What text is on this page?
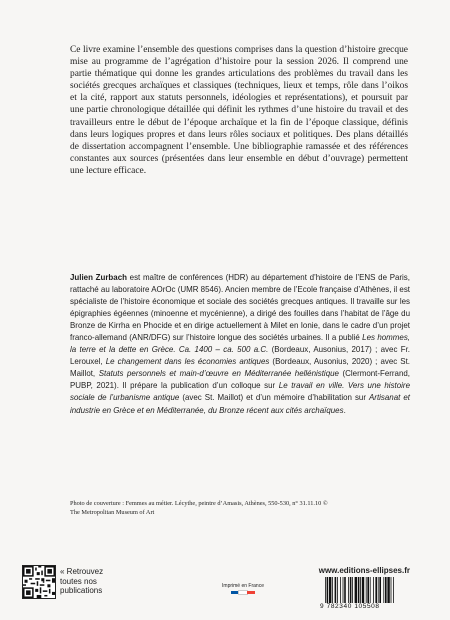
Ce livre examine l’ensemble des questions comprises dans la question d’histoire grecque mise au programme de l’agrégation d’histoire pour la session 2026. Il comprend une partie thématique qui donne les grandes articulations des problèmes du travail dans les sociétés grecques archaïques et classiques (techniques, lieux et temps, rôle dans l’oikos et la cité, rapport aux statuts personnels, idéologies et représentations), et poursuit par une partie chronologique détaillée qui définit les rythmes d’une histoire du travail et des travailleurs entre le début de l’époque archaïque et la fin de l’époque classique, définis dans leurs logiques propres et dans leurs rôles sociaux et politiques. Des plans détaillés de dissertation accompagnent l’ensemble. Une bibliographie ramassée et des références constantes aux sources (présentées dans leur ensemble en début d’ouvrage) permettent une lecture efficace.

Julien Zurbach est maître de conférences (HDR) au département d’histoire de l’ENS de Paris, rattaché au laboratoire AOrOc (UMR 8546). Ancien membre de l’Ecole française d’Athènes, il est spécialiste de l’histoire économique et sociale des sociétés grecques antiques. Il travaille sur les épigraphies égéennes (minoenne et mycénienne), a dirigé des fouilles dans l’habitat de l’âge du Bronze de Kirrha en Phocide et en dirige actuellement à Milet en Ionie, dans le cadre d’un projet franco-allemand (ANR/DFG) sur l’histoire longue des sociétés urbaines. Il a publié Les hommes, la terre et la dette en Grèce. Ca. 1400 – ca. 500 a.C. (Bordeaux, Ausonius, 2017) ; avec Fr. Lerouxel, Le changement dans les économies antiques (Bordeaux, Ausonius, 2020) ; avec St. Maillot, Statuts personnels et main-d’œuvre en Méditerranée hellénistique (Clermont-Ferrand, PUBP, 2021). Il prépare la publication d’un colloque sur Le travail en ville. Vers une histoire sociale de l’urbanisme antique (avec St. Maillot) et d’un mémoire d’habilitation sur Artisanat et industrie en Grèce et en Méditerranée, du Bronze récent aux cités archaïques.

Photo de couverture : Femmes au métier. Lécythe, peintre d’Amasis, Athènes, 550-530, n° 31.11.10 ©
The Metropolitan Museum of Art
« Retrouvez
toutes nos
publications
Imprimé en France
www.editions-ellipses.fr
9 782340 105508
